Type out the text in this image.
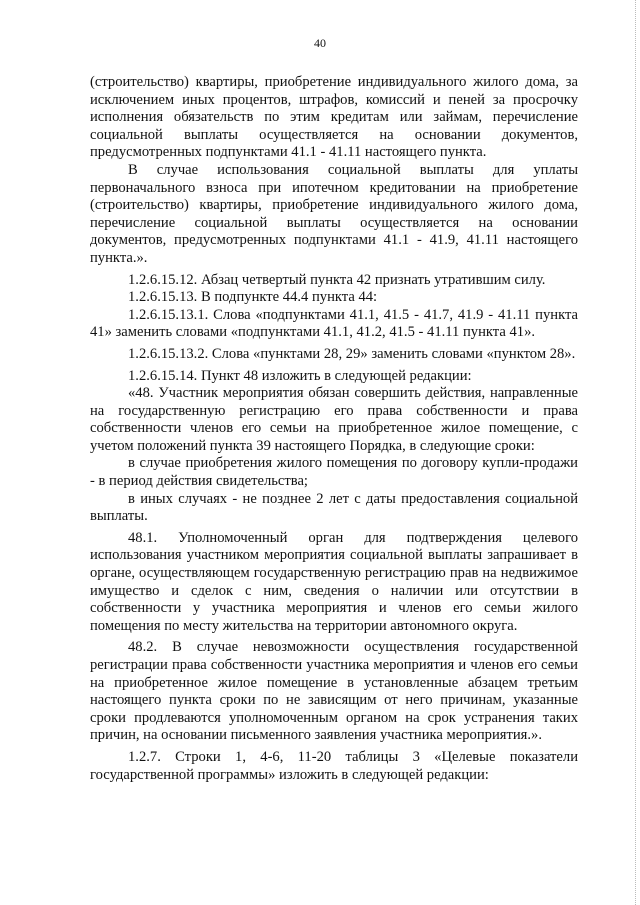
40

(строительство) квартиры, приобретение индивидуального жилого дома, за исключением иных процентов, штрафов, комиссий и пеней за просрочку исполнения обязательств по этим кредитам или займам, перечисление социальной выплаты осуществляется на основании документов, предусмотренных подпунктами 41.1 - 41.11 настоящего пункта.

В случае использования социальной выплаты для уплаты первоначального взноса при ипотечном кредитовании на приобретение (строительство) квартиры, приобретение индивидуального жилого дома, перечисление социальной выплаты осуществляется на основании документов, предусмотренных подпунктами 41.1 - 41.9, 41.11 настоящего пункта.».

1.2.6.15.12. Абзац четвертый пункта 42 признать утратившим силу.

1.2.6.15.13. В подпункте 44.4 пункта 44:

1.2.6.15.13.1. Слова «подпунктами 41.1, 41.5 - 41.7, 41.9 - 41.11 пункта 41» заменить словами «подпунктами 41.1, 41.2, 41.5 - 41.11 пункта 41».

1.2.6.15.13.2. Слова «пунктами 28, 29» заменить словами «пунктом 28».

1.2.6.15.14. Пункт 48 изложить в следующей редакции:

«48. Участник мероприятия обязан совершить действия, направленные на государственную регистрацию его права собственности и права собственности членов его семьи на приобретенное жилое помещение, с учетом положений пункта 39 настоящего Порядка, в следующие сроки:

в случае приобретения жилого помещения по договору купли-продажи - в период действия свидетельства;

в иных случаях - не позднее 2 лет с даты предоставления социальной выплаты.

48.1. Уполномоченный орган для подтверждения целевого использования участником мероприятия социальной выплаты запрашивает в органе, осуществляющем государственную регистрацию прав на недвижимое имущество и сделок с ним, сведения о наличии или отсутствии в собственности у участника мероприятия и членов его семьи жилого помещения по месту жительства на территории автономного округа.

48.2. В случае невозможности осуществления государственной регистрации права собственности участника мероприятия и членов его семьи на приобретенное жилое помещение в установленные абзацем третьим настоящего пункта сроки по не зависящим от него причинам, указанные сроки продлеваются уполномоченным органом на срок устранения таких причин, на основании письменного заявления участника мероприятия.».

1.2.7. Строки 1, 4-6, 11-20 таблицы 3 «Целевые показатели государственной программы» изложить в следующей редакции:
